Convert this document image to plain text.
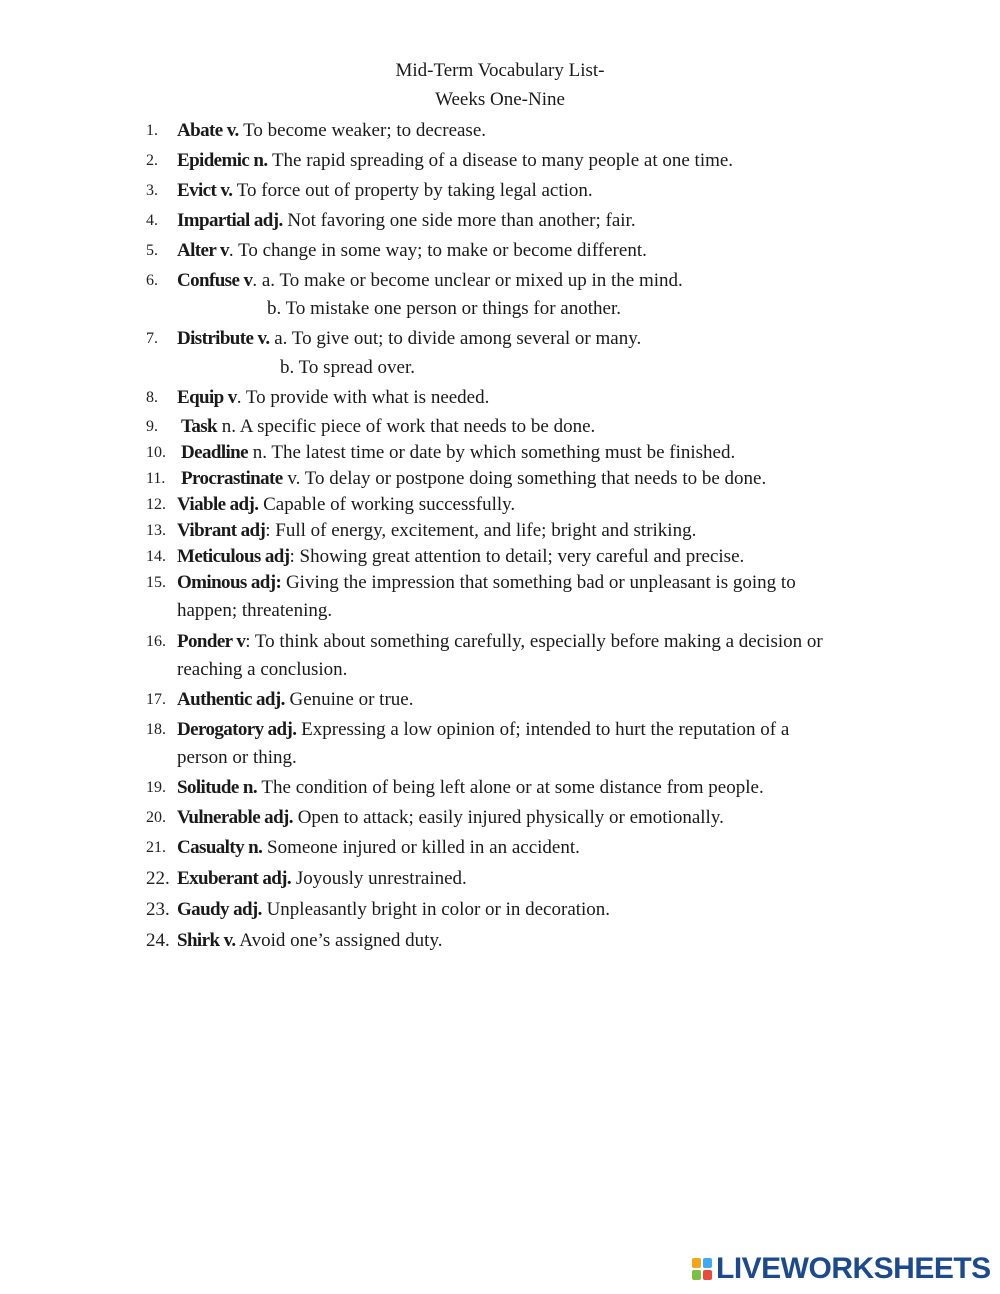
Mid-Term Vocabulary List-
Weeks One-Nine
1. Abate v. To become weaker; to decrease.
2. Epidemic n. The rapid spreading of a disease to many people at one time.
3. Evict v. To force out of property by taking legal action.
4. Impartial adj. Not favoring one side more than another; fair.
5. Alter v. To change in some way; to make or become different.
6. Confuse v. a. To make or become unclear or mixed up in the mind.
b. To mistake one person or things for another.
7. Distribute v. a. To give out; to divide among several or many.
b. To spread over.
8. Equip v. To provide with what is needed.
9. Task n. A specific piece of work that needs to be done.
10. Deadline n. The latest time or date by which something must be finished.
11. Procrastinate v. To delay or postpone doing something that needs to be done.
12. Viable adj. Capable of working successfully.
13. Vibrant adj: Full of energy, excitement, and life; bright and striking.
14. Meticulous adj: Showing great attention to detail; very careful and precise.
15. Ominous adj: Giving the impression that something bad or unpleasant is going to
happen; threatening.
16. Ponder v: To think about something carefully, especially before making a decision or
reaching a conclusion.
17. Authentic adj. Genuine or true.
18. Derogatory adj. Expressing a low opinion of; intended to hurt the reputation of a
person or thing.
19. Solitude n. The condition of being left alone or at some distance from people.
20. Vulnerable adj. Open to attack; easily injured physically or emotionally.
21. Casualty n. Someone injured or killed in an accident.
22. Exuberant adj. Joyously unrestrained.
23. Gaudy adj. Unpleasantly bright in color or in decoration.
24. Shirk v. Avoid one’s assigned duty.
LIVEWORKSHEETS
